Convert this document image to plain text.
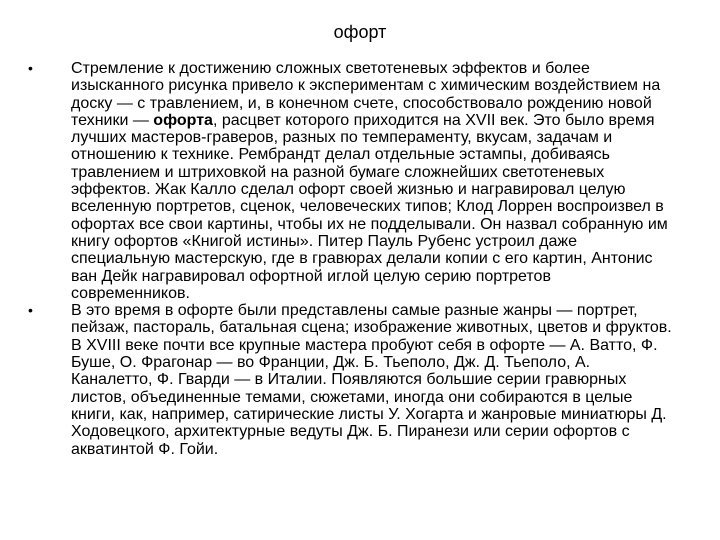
офорт
• Стремление к достижению сложных светотеневых эффектов и более изысканного рисунка привело к экспериментам с химическим воздействием на доску — с травлением, и, в конечном счете, способствовало рождению новой техники — офорта, расцвет которого приходится на XVII век. Это было время лучших мастеров-граверов, разных по темпераменту, вкусам, задачам и отношению к технике. Рембрандт делал отдельные эстампы, добиваясь травлением и штриховкой на разной бумаге сложнейших светотеневых эффектов. Жак Калло сделал офорт своей жизнью и награвировал целую вселенную портретов, сценок, человеческих типов; Клод Лоррен воспроизвел в офортах все свои картины, чтобы их не подделывали. Он назвал собранную им книгу офортов «Книгой истины». Питер Пауль Рубенс устроил даже специальную мастерскую, где в гравюрах делали копии с его картин, Антонис ван Дейк награвировал офортной иглой целую серию портретов современников.
• В это время в офорте были представлены самые разные жанры — портрет, пейзаж, пастораль, батальная сцена; изображение животных, цветов и фруктов. В XVIII веке почти все крупные мастера пробуют себя в офорте — А. Ватто, Ф. Буше, О. Фрагонар — во Франции, Дж. Б. Тьеполо, Дж. Д. Тьеполо, А. Каналетто, Ф. Гварди — в Италии. Появляются большие серии гравюрных листов, объединенные темами, сюжетами, иногда они собираются в целые книги, как, например, сатирические листы У. Хогарта и жанровые миниатюры Д. Ходовецкого, архитектурные ведуты Дж. Б. Пиранези или серии офортов с акватинтой Ф. Гойи.
